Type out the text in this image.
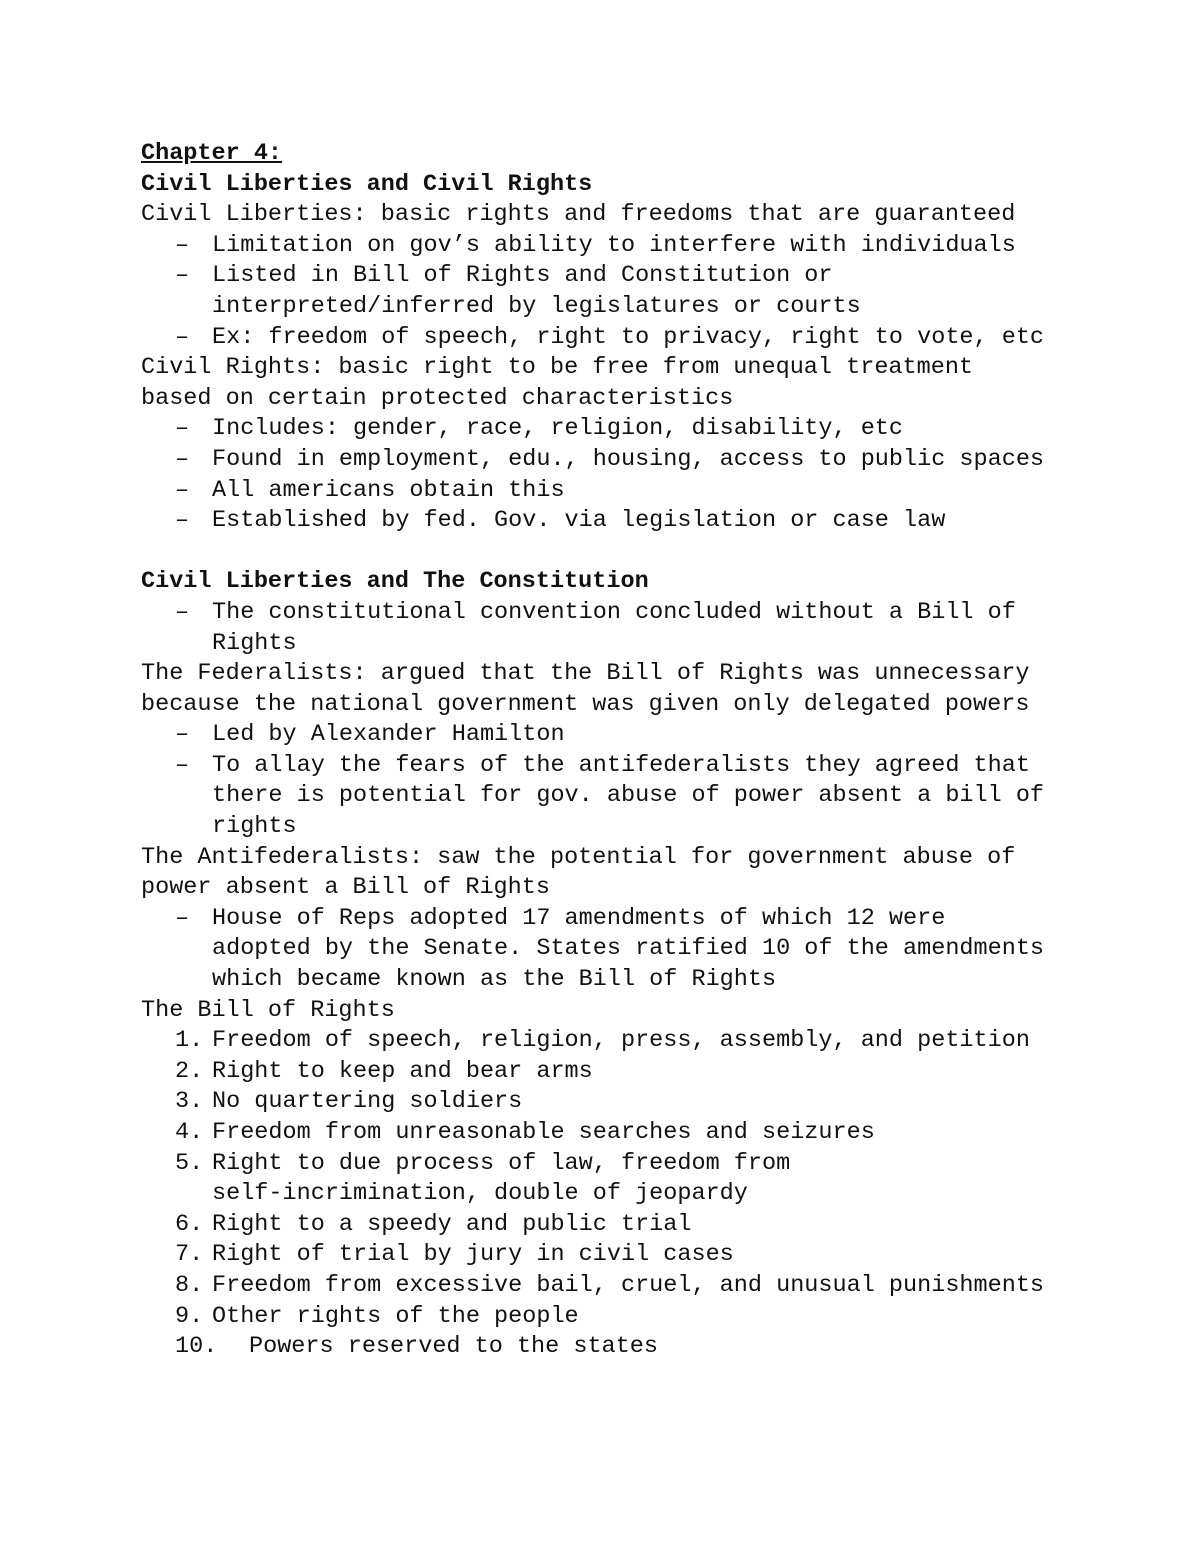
Chapter 4:
Civil Liberties and Civil Rights
Civil Liberties: basic rights and freedoms that are guaranteed
– Limitation on gov’s ability to interfere with individuals
– Listed in Bill of Rights and Constitution or interpreted/inferred by legislatures or courts
– Ex: freedom of speech, right to privacy, right to vote, etc
Civil Rights: basic right to be free from unequal treatment
based on certain protected characteristics
– Includes: gender, race, religion, disability, etc
– Found in employment, edu., housing, access to public spaces
– All americans obtain this
– Established by fed. Gov. via legislation or case law
Civil Liberties and The Constitution
– The constitutional convention concluded without a Bill of Rights
The Federalists: argued that the Bill of Rights was unnecessary
because the national government was given only delegated powers
– Led by Alexander Hamilton
– To allay the fears of the antifederalists they agreed that there is potential for gov. abuse of power absent a bill of rights
The Antifederalists: saw the potential for government abuse of
power absent a Bill of Rights
– House of Reps adopted 17 amendments of which 12 were adopted by the Senate. States ratified 10 of the amendments which became known as the Bill of Rights
The Bill of Rights
1. Freedom of speech, religion, press, assembly, and petition
2. Right to keep and bear arms
3. No quartering soldiers
4. Freedom from unreasonable searches and seizures
5. Right to due process of law, freedom from self-incrimination, double of jeopardy
6. Right to a speedy and public trial
7. Right of trial by jury in civil cases
8. Freedom from excessive bail, cruel, and unusual punishments
9. Other rights of the people
10. Powers reserved to the states
